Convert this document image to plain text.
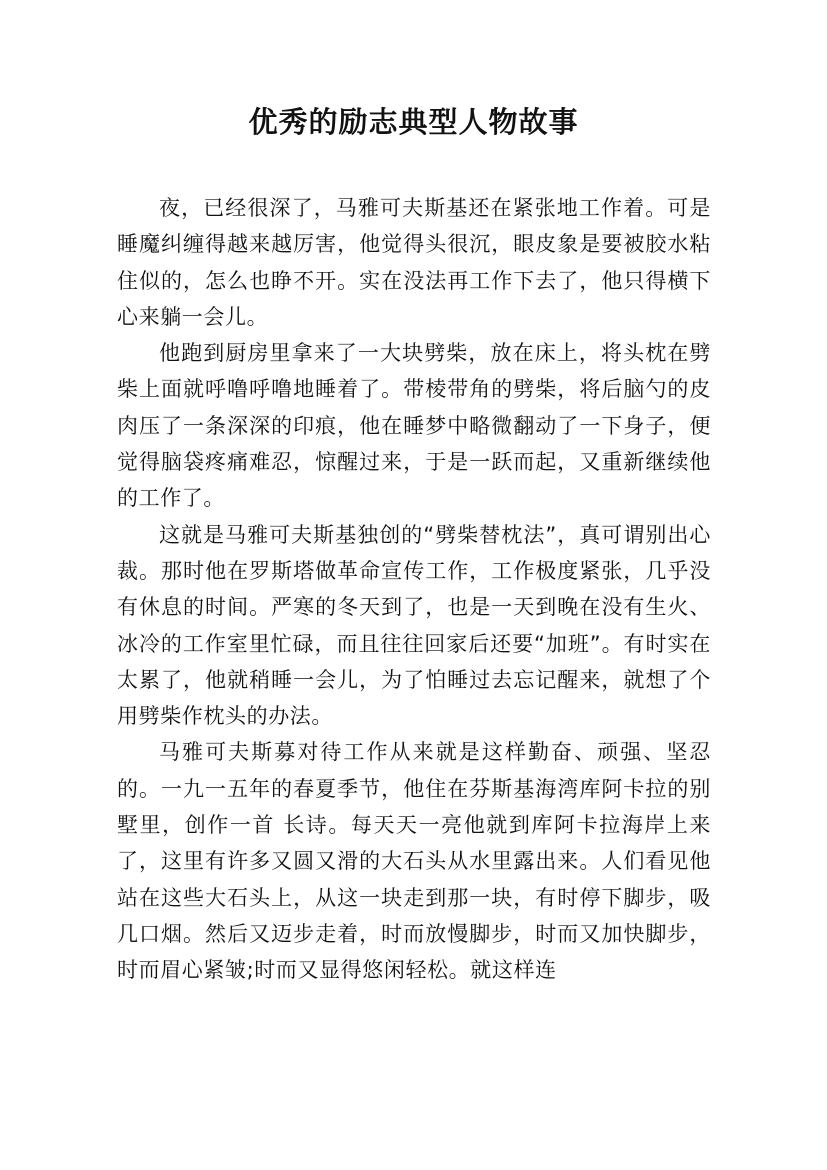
优秀的励志典型人物故事

夜，已经很深了，马雅可夫斯基还在紧张地工作着。可是睡魔纠缠得越来越厉害，他觉得头很沉，眼皮象是要被胶水粘住似的，怎么也睁不开。实在没法再工作下去了，他只得横下心来躺一会儿。

他跑到厨房里拿来了一大块劈柴，放在床上，将头枕在劈柴上面就呼噜呼噜地睡着了。带棱带角的劈柴，将后脑勺的皮肉压了一条深深的印痕，他在睡梦中略微翻动了一下身子，便觉得脑袋疼痛难忍，惊醒过来，于是一跃而起，又重新继续他的工作了。

这就是马雅可夫斯基独创的“劈柴替枕法”，真可谓别出心裁。那时他在罗斯塔做革命宣传工作，工作极度紧张，几乎没有休息的时间。严寒的冬天到了，也是一天到晚在没有生火、冰冷的工作室里忙碌，而且往往回家后还要“加班”。有时实在太累了，他就稍睡一会儿，为了怕睡过去忘记醒来，就想了个用劈柴作枕头的办法。

马雅可夫斯募对待工作从来就是这样勤奋、顽强、坚忍的。一九一五年的春夏季节，他住在芬斯基海湾库阿卡拉的别墅里，创作一首 长诗。每天天一亮他就到库阿卡拉海岸上来了，这里有许多又圆又滑的大石头从水里露出来。人们看见他站在这些大石头上，从这一块走到那一块，有时停下脚步，吸几口烟。然后又迈步走着，时而放慢脚步，时而又加快脚步，时而眉心紧皱;时而又显得悠闲轻松。就这样连
